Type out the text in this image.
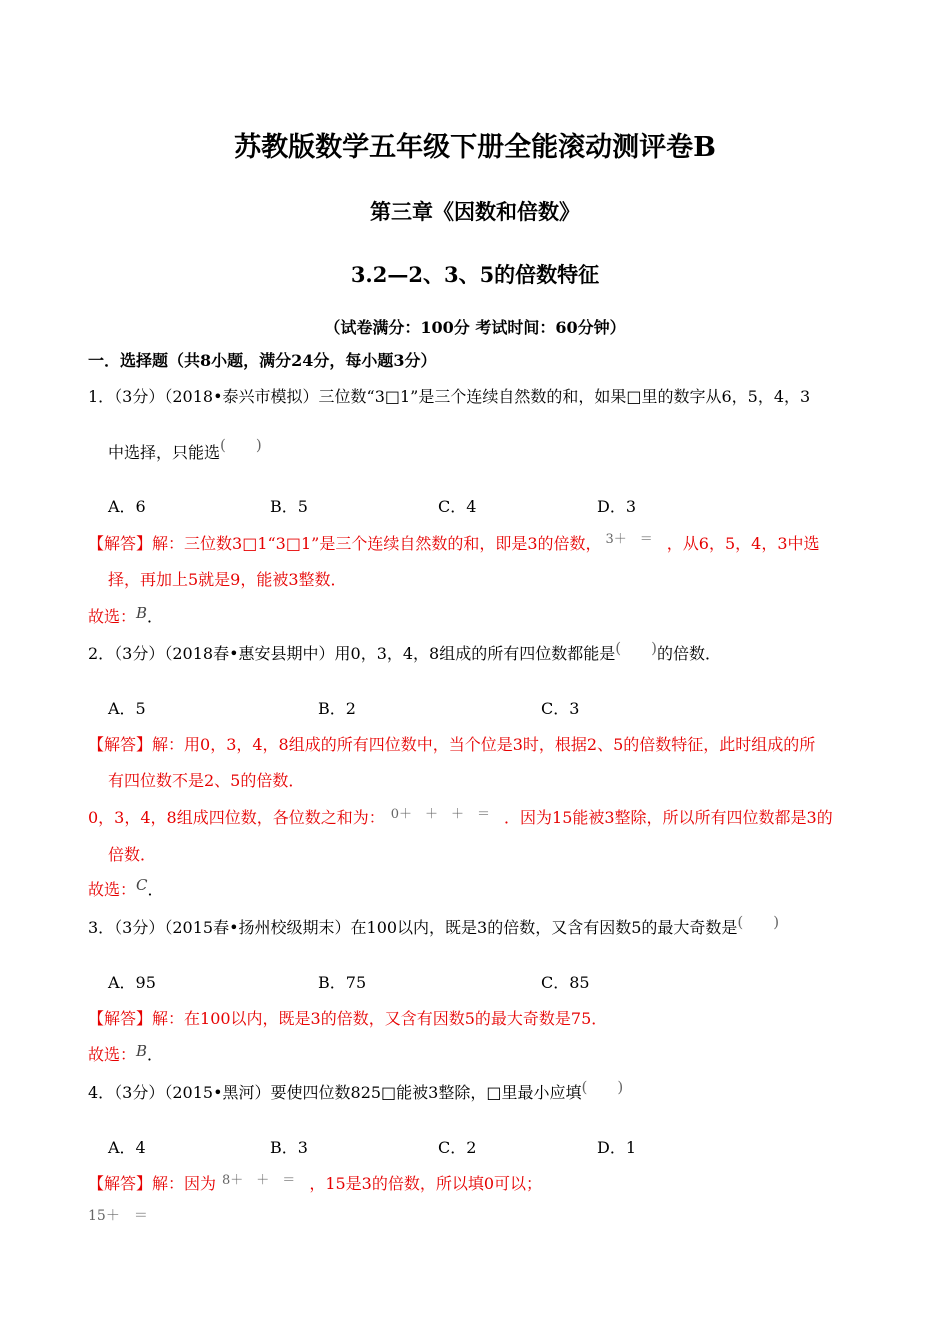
苏教版数学五年级下册全能滚动测评卷B
第三章《因数和倍数》
3.2—2、3、5的倍数特征
（试卷满分：100分 考试时间：60分钟）
一．选择题（共8小题，满分24分，每小题3分）
1．（3分）（2018•泰兴市模拟）三位数“3□1”是三个连续自然数的和，如果□里的数字从6，5，4，3
中选择，只能选(　　)
A．6	B．5	C．4	D．3
【解答】解：三位数3□1“3□1”是三个连续自然数的和，即是3的倍数， $^{3+ =}$ ，从6，5，4，3中选
择，再加上5就是9，能被3整数．
故选：B．
2．（3分）（2018春•惠安县期中）用0，3，4，8组成的所有四位数都能是(　　)的倍数．
A．5	B．2	C．3
【解答】解：用0，3，4，8组成的所有四位数中，当个位是3时，根据2、5的倍数特征，此时组成的所
有四位数不是2、5的倍数．
0，3，4，8组成四位数，各位数之和为： $^{0+ + + =}$ ．因为15能被3整除，所以所有四位数都是3的
倍数．
故选：C．
3．（3分）（2015春•扬州校级期末）在100以内，既是3的倍数，又含有因数5的最大奇数是(　　)
A．95	B．75	C．85
【解答】解：在100以内，既是3的倍数，又含有因数5的最大奇数是75．
故选：B．
4．（3分）（2015•黑河）要使四位数825□能被3整除，□里最小应填(　　)
A．4	B．3	C．2	D．1
【解答】解：因为 $^{8+ + =}$ ，15是3的倍数，所以填0可以；
15＋　＝
